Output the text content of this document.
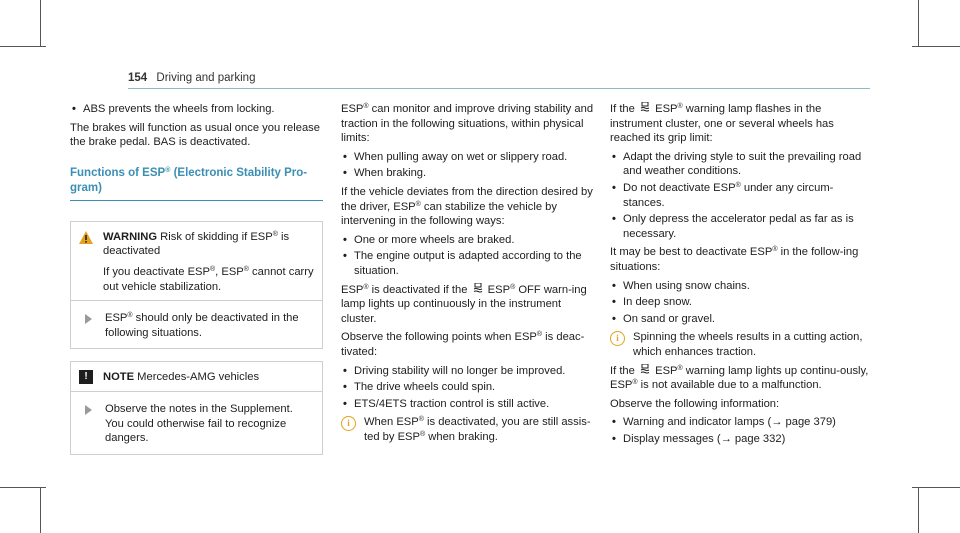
154 Driving and parking
• ABS prevents the wheels from locking.

The brakes will function as usual once you release the brake pedal. BAS is deactivated.

Functions of ESP® (Electronic Stability Pro-gram)
WARNING Risk of skidding if ESP® is deactivated

If you deactivate ESP®, ESP® cannot carry out vehicle stabilization.

ESP® should only be deactivated in the following situations.
!	NOTE Mercedes-AMG vehicles
Observe the notes in the Supplement. You could otherwise fail to recognize dangers.

ESP® can monitor and improve driving stability and traction in the following situations, within physical limits:

• When pulling away on wet or slippery road.
• When braking.

If the vehicle deviates from the direction desired by the driver, ESP® can stabilize the vehicle by intervening in the following ways:

• One or more wheels are braked.
• The engine output is adapted according to the situation.

ESP® is deactivated if the  ESP® OFF warn-ing lamp lights up continuously in the instrument cluster.

Observe the following points when ESP® is deac-tivated:

• Driving stability will no longer be improved.
• The drive wheels could spin.
• ETS/4ETS traction control is still active.
i	When ESP® is deactivated, you are still assis-ted by ESP® when braking.

If the  ESP® warning lamp flashes in the instrument cluster, one or several wheels has reached its grip limit:

• Adapt the driving style to suit the prevailing road and weather conditions.
• Do not deactivate ESP® under any circum-stances.
• Only depress the accelerator pedal as far as is necessary.

It may be best to deactivate ESP® in the follow-ing situations:

• When using snow chains.
• In deep snow.
• On sand or gravel.
i	Spinning the wheels results in a cutting action, which enhances traction.

If the  ESP® warning lamp lights up continu-ously, ESP® is not available due to a malfunction.

Observe the following information:

• Warning and indicator lamps (→ page 379)
• Display messages (→ page 332)
